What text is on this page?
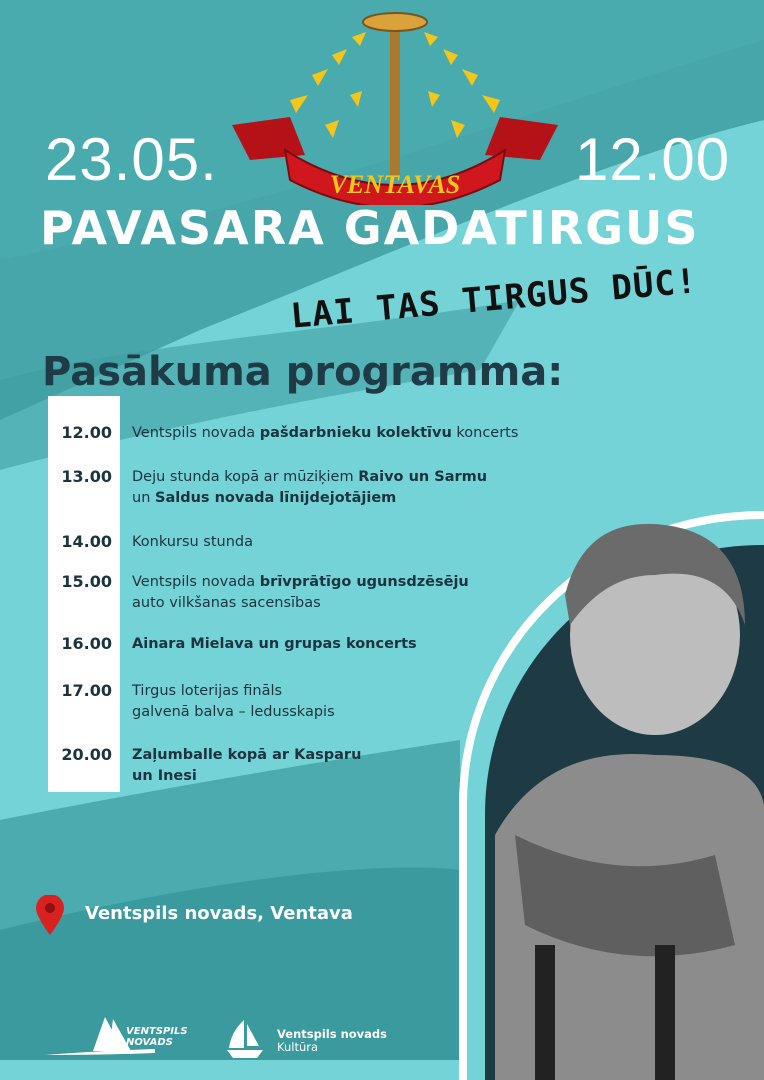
VENTAVAS
23.05.	12.00
PAVASARA GADATIRGUS
LAI TAS TIRGUS DŪC!
Pasākuma programma:
12.00 Ventspils novada pašdarbnieku kolektīvu koncerts
13.00 Deju stunda kopā ar mūziķiem Raivo un Sarmu
un Saldus novada līnijdejotājiem
14.00 Konkursu stunda
15.00 Ventspils novada brīvprātīgo ugunsdzēsēju
auto vilkšanas sacensības
16.00 Ainara Mielava un grupas koncerts
17.00 Tirgus loterijas fināls
galvenā balva – ledusskapis
20.00 Zaļumballe kopā ar Kasparu
un Inesi
Ventspils novads, Ventava
VENTSPILS
NOVADS
Ventspils novads
Kultūra
